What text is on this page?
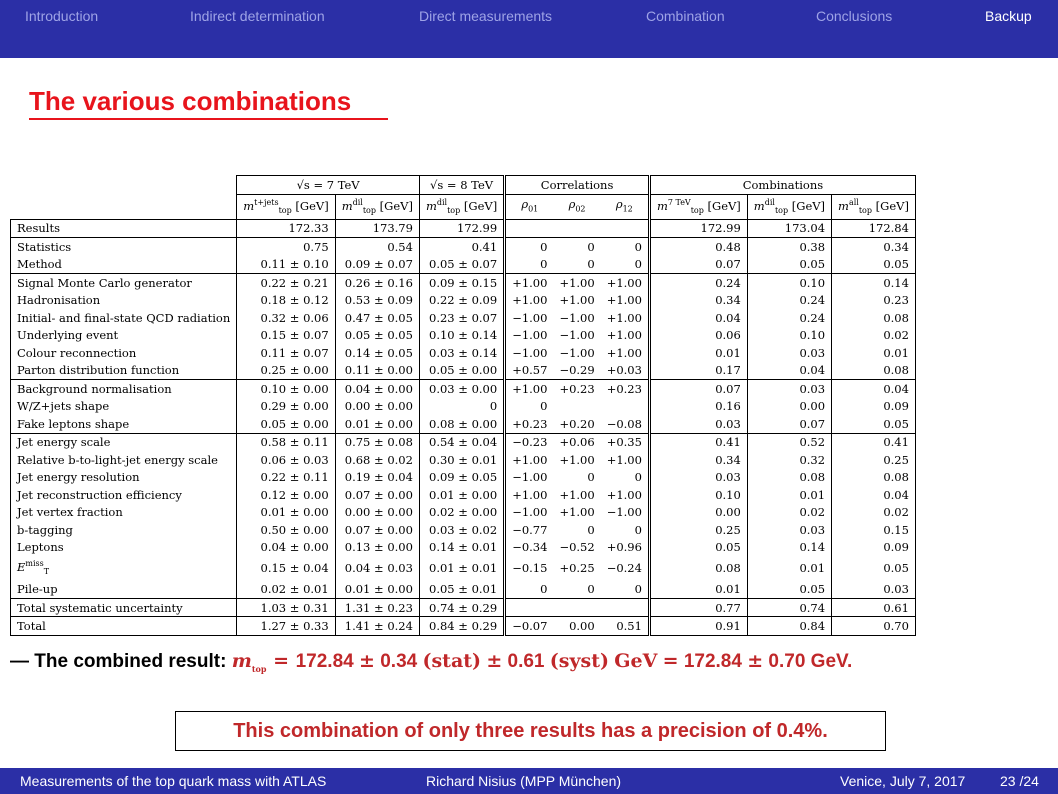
Introduction	Indirect determination	Direct measurements	Combination	Conclusions	Backup
The various combinations
	√s = 7 TeV		√s = 8 TeV	Correlations			Combinations		
	$m^{t+jets}_{top}$ [GeV]	$m^{dil}_{top}$ [GeV]	$m^{dil}_{top}$ [GeV]	$\rho_{01}$	$\rho_{02}$	$\rho_{12}$	$m^{7 TeV}_{top}$ [GeV]	$m^{dil}_{top}$ [GeV]	$m^{all}_{top}$ [GeV]
Results	172.33	173.79	172.99				172.99	173.04	172.84
Statistics	0.75	0.54	0.41	0	0	0	0.48	0.38	0.34
Method	0.11 ± 0.10	0.09 ± 0.07	0.05 ± 0.07	0	0	0	0.07	0.05	0.05
Signal Monte Carlo generator	0.22 ± 0.21	0.26 ± 0.16	0.09 ± 0.15	+1.00	+1.00	+1.00	0.24	0.10	0.14
Hadronisation	0.18 ± 0.12	0.53 ± 0.09	0.22 ± 0.09	+1.00	+1.00	+1.00	0.34	0.24	0.23
Initial- and final-state QCD radiation	0.32 ± 0.06	0.47 ± 0.05	0.23 ± 0.07	−1.00	−1.00	+1.00	0.04	0.24	0.08
Underlying event	0.15 ± 0.07	0.05 ± 0.05	0.10 ± 0.14	−1.00	−1.00	+1.00	0.06	0.10	0.02
Colour reconnection	0.11 ± 0.07	0.14 ± 0.05	0.03 ± 0.14	−1.00	−1.00	+1.00	0.01	0.03	0.01
Parton distribution function	0.25 ± 0.00	0.11 ± 0.00	0.05 ± 0.00	+0.57	−0.29	+0.03	0.17	0.04	0.08
Background normalisation	0.10 ± 0.00	0.04 ± 0.00	0.03 ± 0.00	+1.00	+0.23	+0.23	0.07	0.03	0.04
W/Z+jets shape	0.29 ± 0.00	0.00 ± 0.00	0	0			0.16	0.00	0.09
Fake leptons shape	0.05 ± 0.00	0.01 ± 0.00	0.08 ± 0.00	+0.23	+0.20	−0.08	0.03	0.07	0.05
Jet energy scale	0.58 ± 0.11	0.75 ± 0.08	0.54 ± 0.04	−0.23	+0.06	+0.35	0.41	0.52	0.41
Relative b-to-light-jet energy scale	0.06 ± 0.03	0.68 ± 0.02	0.30 ± 0.01	+1.00	+1.00	+1.00	0.34	0.32	0.25
Jet energy resolution	0.22 ± 0.11	0.19 ± 0.04	0.09 ± 0.05	−1.00	0	0	0.03	0.08	0.08
Jet reconstruction efficiency	0.12 ± 0.00	0.07 ± 0.00	0.01 ± 0.00	+1.00	+1.00	+1.00	0.10	0.01	0.04
Jet vertex fraction	0.01 ± 0.00	0.00 ± 0.00	0.02 ± 0.00	−1.00	+1.00	−1.00	0.00	0.02	0.02
b-tagging	0.50 ± 0.00	0.07 ± 0.00	0.03 ± 0.02	−0.77	0	0	0.25	0.03	0.15
Leptons	0.04 ± 0.00	0.13 ± 0.00	0.14 ± 0.01	−0.34	−0.52	+0.96	0.05	0.14	0.09
$E^{miss}_T$	0.15 ± 0.04	0.04 ± 0.03	0.01 ± 0.01	−0.15	+0.25	−0.24	0.08	0.01	0.05
Pile-up	0.02 ± 0.01	0.01 ± 0.00	0.05 ± 0.01	0	0	0	0.01	0.05	0.03
Total systematic uncertainty	1.03 ± 0.31	1.31 ± 0.23	0.74 ± 0.29				0.77	0.74	0.61
Total	1.27 ± 0.33	1.41 ± 0.24	0.84 ± 0.29	−0.07	0.00	0.51	0.91	0.84	0.70
— The combined result: $m_{top} = 172.84 \pm 0.34$ (stat) ± 0.61 (syst) GeV = 172.84 ± 0.70 GeV.
This combination of only three results has a precision of 0.4%.
Measurements of the top quark mass with ATLAS	Richard Nisius (MPP München)	Venice, July 7, 2017 23 /24
